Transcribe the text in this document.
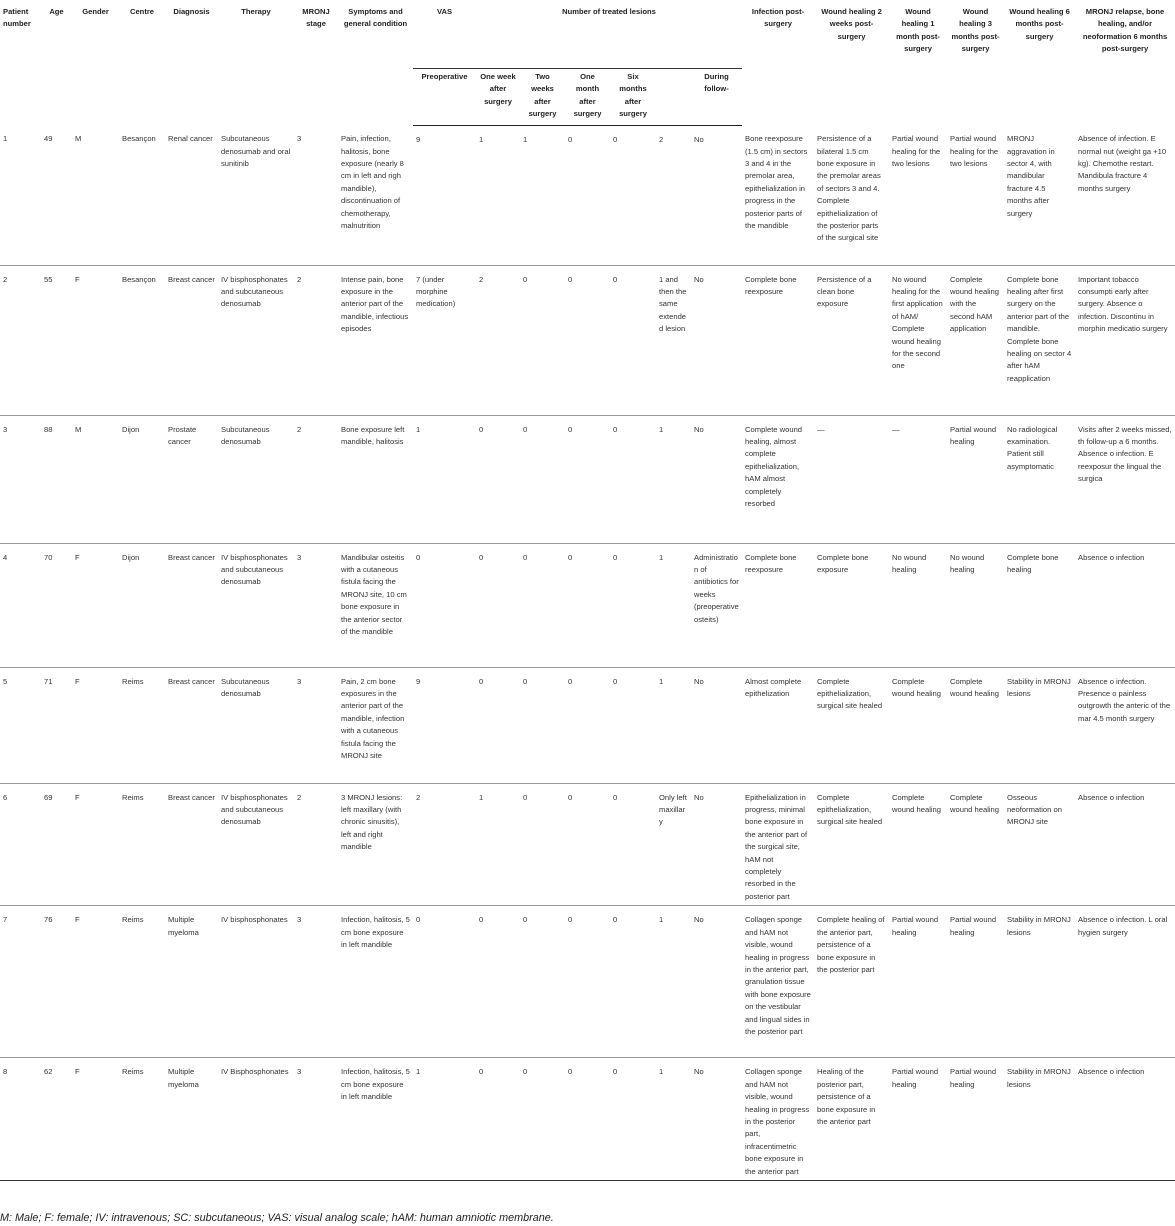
Patient number	Age	Gender	Centre	Diagnosis	Therapy	MRONJ stage	Symptoms and general condition	VAS	Number of treated lesions						Infection post-surgery	Wound healing 2 weeks post-surgery	Wound healing 1 month post-surgery	Wound healing 3 months post-surgery	Wound healing 6 months post-surgery	MRONJ relapse, bone healing, and/or neoformation 6 months post-surgery	
								Preoperative	One week after surgery	Two weeks after surgery	One month after surgery	Six months after surgery		During follow-							
1	49	M	Besançon	Renal cancer	Subcutaneous denosumab and oral sunitinib	3	Pain, infection, halitosis, bone exposure (nearly 8 cm in left and righ mandible), discontinuation of chemotherapy, malnutrition	9	1	1	0	0	2	No	Bone reexposure (1.5 cm) in sectors 3 and 4 in the premolar area, epithelialization in progress in the posterior parts of the mandible	Persistence of a bilateral 1.5 cm bone exposure in the premolar areas of sectors 3 and 4. Complete epithelialization of the posterior parts of the surgical site	Partial wound healing for the two lesions	Partial wound healing for the two lesions	MRONJ aggravation in sector 4, with mandibular fracture 4.5 months after surgery	Absence of infection. E normal nut (weight ga +10 kg). Chemothe restart. Mandibula fracture 4 months surgery	
2	55	F	Besançon	Breast cancer	IV bisphosphonates and subcutaneous denosumab	2	Intense pain, bone exposure in the anterior part of the mandible, infectious episodes	7 (under morphine medication)	2	0	0	0	1 and then the same extended lesion	No	Complete bone reexposure	Persistence of a clean bone exposure	No wound healing for the first application of hAM/ Complete wound healing for the second one	Complete wound healing with the second hAM application	Complete bone healing after first surgery on the anterior part of the mandible. Complete bone healing on sector 4 after hAM reapplication	Important tobacco consumpti early after surgery. Absence o infection. Discontinu in morphin medicatio surgery	
3	88	M	Dijon	Prostate cancer	Subcutaneous denosumab	2	Bone exposure left mandible, halitosis	1	0	0	0	0	1	No	Complete wound healing, almost complete epithelialization, hAM almost completely resorbed	—	—	Partial wound healing	No radiological examination. Patient still asymptomatic	Visits after 2 weeks missed, th follow-up a 6 months. Absence o infection. E reexposur the lingual the surgica	
4	70	F	Dijon	Breast cancer	IV bisphosphonates and subcutaneous denosumab	3	Mandibular osteitis with a cutaneous fistula facing the MRONJ site, 10 cm bone exposure in the anterior sector of the mandible	0	0	0	0	0	1	Administration of antibiotics for weeks (preoperative osteits)	Complete bone reexposure	Complete bone exposure	No wound healing	No wound healing	Complete bone healing	Absence o infection	
5	71	F	Reims	Breast cancer	Subcutaneous denosumab	3	Pain, 2 cm bone exposures in the anterior part of the mandible, infection with a cutaneous fistula facing the MRONJ site	9	0	0	0	0	1	No	Almost complete epithelization	Complete epithelialization, surgical site healed	Complete wound healing	Complete wound healing	Stability in MRONJ lesions	Absence o infection. Presence o painless outgrowth the anteric of the mar 4.5 month surgery	
6	69	F	Reims	Breast cancer	IV bisphosphonates and subcutaneous denosumab	2	3 MRONJ lesions: left maxillary (with chronic sinusitis), left and right mandible	2	1	0	0	0	Only left maxillary	No	Epithelialization in progress, minimal bone exposure in the anterior part of the surgical site, hAM not completely resorbed in the posterior part	Complete epithelialization, surgical site healed	Complete wound healing	Complete wound healing	Osseous neoformation on MRONJ site	Absence o infection	
7	76	F	Reims	Multiple myeloma	IV bisphosphonates	3	Infection, halitosis, 5 cm bone exposure in left mandible	0	0	0	0	0	1	No	Collagen sponge and hAM not visible, wound healing in progress in the anterior part, granulation tissue with bone exposure on the vestibular and lingual sides in the posterior part	Complete healing of the anterior part, persistence of a bone exposure in the posterior part	Partial wound healing	Partial wound healing	Stability in MRONJ lesions	Absence o infection. L oral hygien surgery	
8	62	F	Reims	Multiple myeloma	IV Bisphosphonates	3	Infection, halitosis, 5 cm bone exposure in left mandible	1	0	0	0	0	1	No	Collagen sponge and hAM not visible, wound healing in progress in the posterior part, infracentimetric bone exposure in the anterior part	Healing of the posterior part, persistence of a bone exposure in the anterior part	Partial wound healing	Partial wound healing	Stability in MRONJ lesions	Absence o infection	
M: Male; F: female; IV: intravenous; SC: subcutaneous; VAS: visual analog scale; hAM: human amniotic membrane.
